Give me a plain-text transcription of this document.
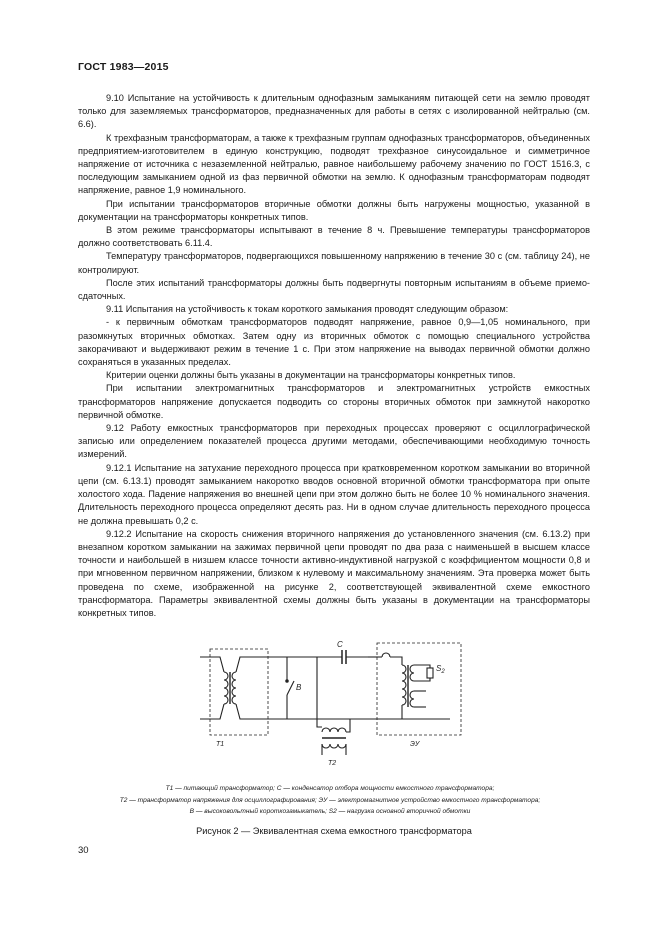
ГОСТ 1983—2015

9.10 Испытание на устойчивость к длительным однофазным замыканиям питающей сети на землю проводят только для заземляемых трансформаторов, предназначенных для работы в сетях с изолированной нейтралью (см. 6.6).

К трехфазным трансформаторам, а также к трехфазным группам однофазных трансформаторов, объединенных предприятием-изготовителем в единую конструкцию, подводят трехфазное синусоидальное и симметричное напряжение от источника с незаземленной нейтралью, равное наибольшему рабочему значению по ГОСТ 1516.3, с последующим замыканием одной из фаз первичной обмотки на землю. К однофазным трансформаторам подводят напряжение, равное 1,9 номинального.

При испытании трансформаторов вторичные обмотки должны быть нагружены мощностью, указанной в документации на трансформаторы конкретных типов.

В этом режиме трансформаторы испытывают в течение 8 ч. Превышение температуры трансформаторов должно соответствовать 6.11.4.

Температуру трансформаторов, подвергающихся повышенному напряжению в течение 30 с (см. таблицу 24), не контролируют.

После этих испытаний трансформаторы должны быть подвергнуты повторным испытаниям в объеме приемо-сдаточных.

9.11 Испытания на устойчивость к токам короткого замыкания проводят следующим образом:

- к первичным обмоткам трансформаторов подводят напряжение, равное 0,9—1,05 номинального, при разомкнутых вторичных обмотках. Затем одну из вторичных обмоток с помощью специального устройства закорачивают и выдерживают режим в течение 1 с. При этом напряжение на выводах первичной обмотки должно сохраняться в указанных пределах.

Критерии оценки должны быть указаны в документации на трансформаторы конкретных типов.

При испытании электромагнитных трансформаторов и электромагнитных устройств емкостных трансформаторов напряжение допускается подводить со стороны вторичных обмоток при замкнутой накоротко первичной обмотке.

9.12 Работу емкостных трансформаторов при переходных процессах проверяют с осциллографической записью или определением показателей процесса другими методами, обеспечивающими необходимую точность измерений.

9.12.1 Испытание на затухание переходного процесса при кратковременном коротком замыкании во вторичной цепи (см. 6.13.1) проводят замыканием накоротко вводов основной вторичной обмотки трансформатора при опыте холостого хода. Падение напряжения во внешней цепи при этом должно быть не более 10 % номинального значения. Длительность переходного процесса определяют десять раз. Ни в одном случае длительность переходного процесса не должна превышать 0,2 с.

9.12.2 Испытание на скорость снижения вторичного напряжения до установленного значения (см. 6.13.2) при внезапном коротком замыкании на зажимах первичной цепи проводят по два раза с наименьшей в высшем классе точности и наибольшей в низшем классе точности активно-индуктивной нагрузкой с коэффициентом мощности 0,8 и при мгновенном первичном напряжении, близком к нулевому и максимальному значениям. Эта проверка может быть проведена по схеме, изображенной на рисунке 2, соответствующей эквивалентной схеме емкостного трансформатора. Параметры эквивалентной схемы должны быть указаны в документации на трансформаторы конкретных типов.

C
B
$S_2$
T1
T2
ЭУ
T1 — питающий трансформатор; C — конденсатор отбора мощности емкостного трансформатора;
T2 — трансформатор напряжения для осциллографирования; ЭУ — электромагнитное устройство емкостного трансформатора;
B — высоковольтный короткозамыкатель; S2 — нагрузка основной вторичной обмотки
Рисунок 2 — Эквивалентная схема емкостного трансформатора
30
